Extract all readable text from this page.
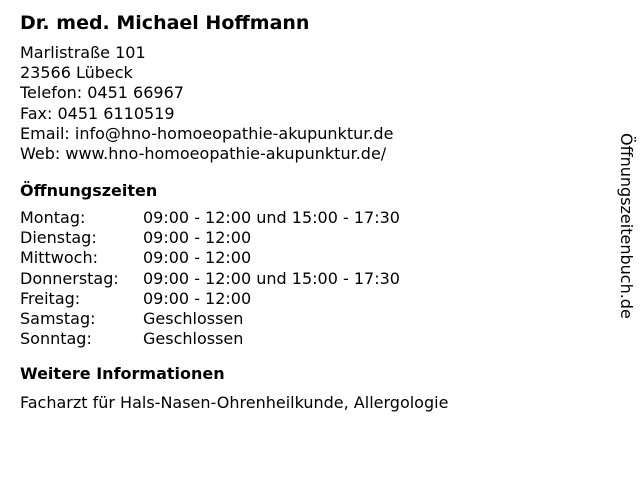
Dr. med. Michael Hoffmann
Marlistraße 101
23566 Lübeck
Telefon: 0451 66967
Fax: 0451 6110519
Email: info@hno-homoeopathie-akupunktur.de
Web: www.hno-homoeopathie-akupunktur.de/
Öffnungszeiten
Montag:	09:00 - 12:00 und 15:00 - 17:30
Dienstag:	09:00 - 12:00
Mittwoch:	09:00 - 12:00
Donnerstag:	09:00 - 12:00 und 15:00 - 17:30
Freitag:	09:00 - 12:00
Samstag:	Geschlossen
Sonntag:	Geschlossen
Weitere Informationen
Facharzt für Hals-Nasen-Ohrenheilkunde, Allergologie
Öffnungszeitenbuch.de
